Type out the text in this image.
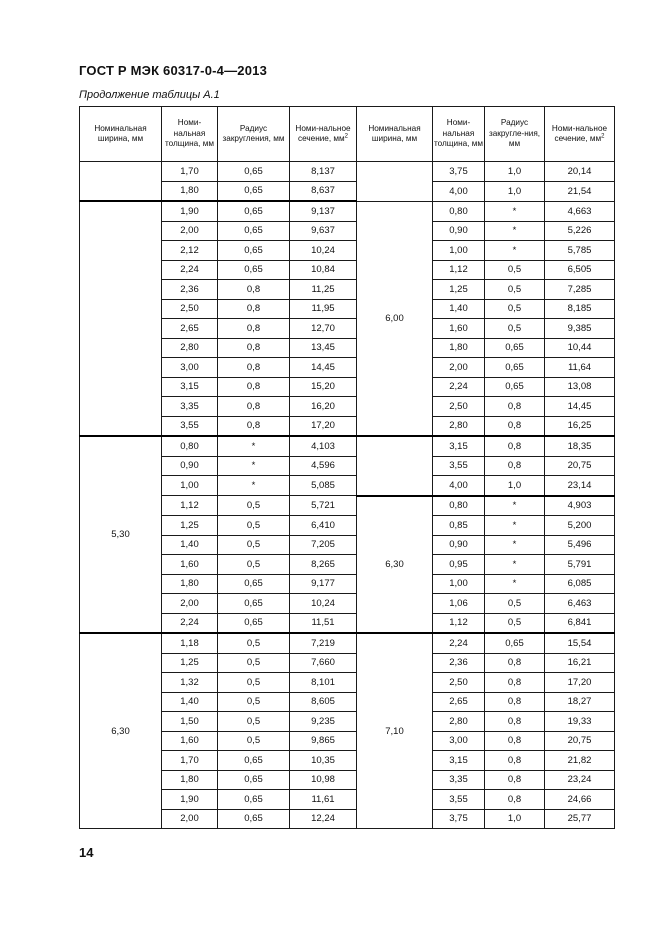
ГОСТ Р МЭК 60317-0-4—2013
Продолжение таблицы А.1
Номинальная ширина, мм	Номи-нальная толщина, мм	Радиус закругления, мм	Номи-нальное сечение, $мм^2$	Номинальная ширина, мм	Номи-нальная толщина, мм	Радиус закругле-ния, мм	Номи-нальное сечение, $мм^2$
	1,70	0,65	8,137		3,75	1,0	20,14
	1,80	0,65	8,637		4,00	1,0	21,54
	1,90	0,65	9,137	6,00	0,80	*	4,663
	2,00	0,65	9,637		0,90	*	5,226
	2,12	0,65	10,24		1,00	*	5,785
	2,24	0,65	10,84		1,12	0,5	6,505
	2,36	0,8	11,25		1,25	0,5	7,285
	2,50	0,8	11,95		1,40	0,5	8,185
	2,65	0,8	12,70		1,60	0,5	9,385
	2,80	0,8	13,45		1,80	0,65	10,44
	3,00	0,8	14,45		2,00	0,65	11,64
	3,15	0,8	15,20		2,24	0,65	13,08
	3,35	0,8	16,20		2,50	0,8	14,45
	3,55	0,8	17,20		2,80	0,8	16,25
5,30	0,80	*	4,103		3,15	0,8	18,35
	0,90	*	4,596		3,55	0,8	20,75
	1,00	*	5,085		4,00	1,0	23,14
	1,12	0,5	5,721	6,30	0,80	*	4,903
	1,25	0,5	6,410		0,85	*	5,200
	1,40	0,5	7,205		0,90	*	5,496
	1,60	0,5	8,265		0,95	*	5,791
	1,80	0,65	9,177		1,00	*	6,085
	2,00	0,65	10,24		1,06	0,5	6,463
	2,24	0,65	11,51		1,12	0,5	6,841
6,30	1,18	0,5	7,219	7,10	2,24	0,65	15,54
	1,25	0,5	7,660		2,36	0,8	16,21
	1,32	0,5	8,101		2,50	0,8	17,20
	1,40	0,5	8,605		2,65	0,8	18,27
	1,50	0,5	9,235		2,80	0,8	19,33
	1,60	0,5	9,865		3,00	0,8	20,75
	1,70	0,65	10,35		3,15	0,8	21,82
	1,80	0,65	10,98		3,35	0,8	23,24
	1,90	0,65	11,61		3,55	0,8	24,66
	2,00	0,65	12,24		3,75	1,0	25,77
14
